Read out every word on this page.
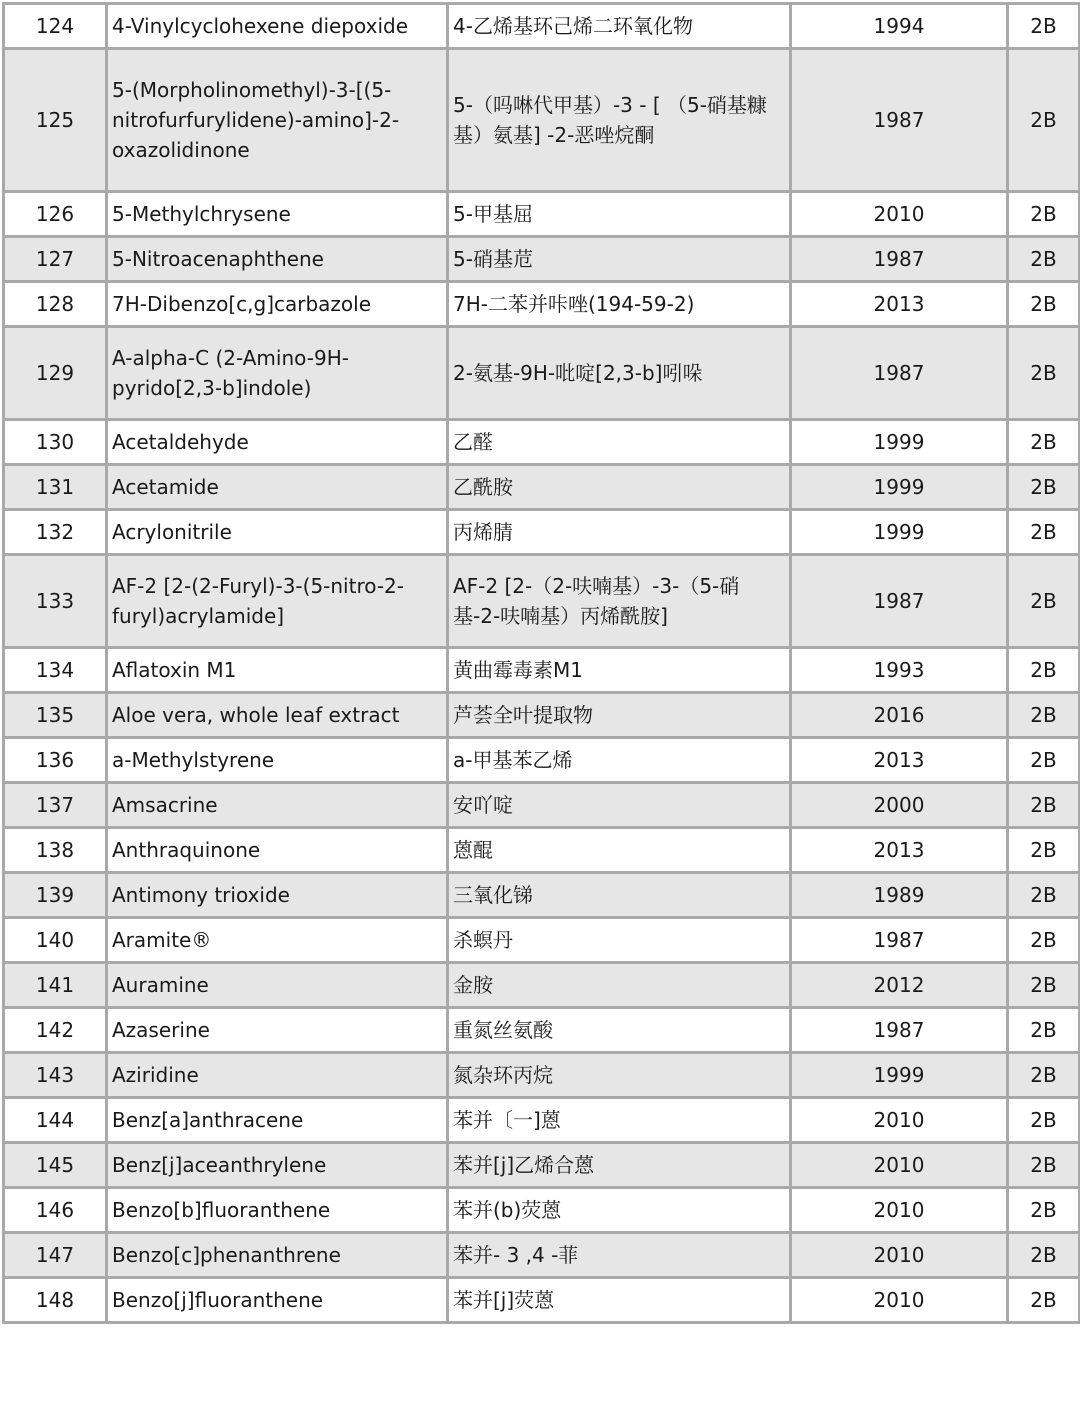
124	4-Vinylcyclohexene diepoxide	4-乙烯基环己烯二环氧化物	1994	2B
125	5-(Morpholinomethyl)-3-[(5-nitrofurfurylidene)-amino]-2-oxazolidinone	5-（吗啉代甲基）-3 - [ （5-硝基糠基）氨基] -2-恶唑烷酮	1987	2B
126	5-Methylchrysene	5-甲基屈	2010	2B
127	5-Nitroacenaphthene	5-硝基苊	1987	2B
128	7H-Dibenzo[c,g]carbazole	7H-二苯并咔唑(194-59-2)	2013	2B
129	A-alpha-C (2-Amino-9H-pyrido[2,3-b]indole)	2-氨基-9H-吡啶[2,3-b]吲哚	1987	2B
130	Acetaldehyde	乙醛	1999	2B
131	Acetamide	乙酰胺	1999	2B
132	Acrylonitrile	丙烯腈	1999	2B
133	AF-2 [2-(2-Furyl)-3-(5-nitro-2-furyl)acrylamide]	AF-2 [2-（2-呋喃基）-3-（5-硝基-2-呋喃基）丙烯酰胺]	1987	2B
134	Aflatoxin M1	黄曲霉毒素M1	1993	2B
135	Aloe vera, whole leaf extract	芦荟全叶提取物	2016	2B
136	a-Methylstyrene	a-甲基苯乙烯	2013	2B
137	Amsacrine	安吖啶	2000	2B
138	Anthraquinone	蒽醌	2013	2B
139	Antimony trioxide	三氧化锑	1989	2B
140	Aramite®	杀螟丹	1987	2B
141	Auramine	金胺	2012	2B
142	Azaserine	重氮丝氨酸	1987	2B
143	Aziridine	氮杂环丙烷	1999	2B
144	Benz[a]anthracene	苯并〔一]蒽	2010	2B
145	Benz[j]aceanthrylene	苯并[j]乙烯合蒽	2010	2B
146	Benzo[b]fluoranthene	苯并(b)荧蒽	2010	2B
147	Benzo[c]phenanthrene	苯并- 3 ,4 -菲	2010	2B
148	Benzo[j]fluoranthene	苯并[j]荧蒽	2010	2B
